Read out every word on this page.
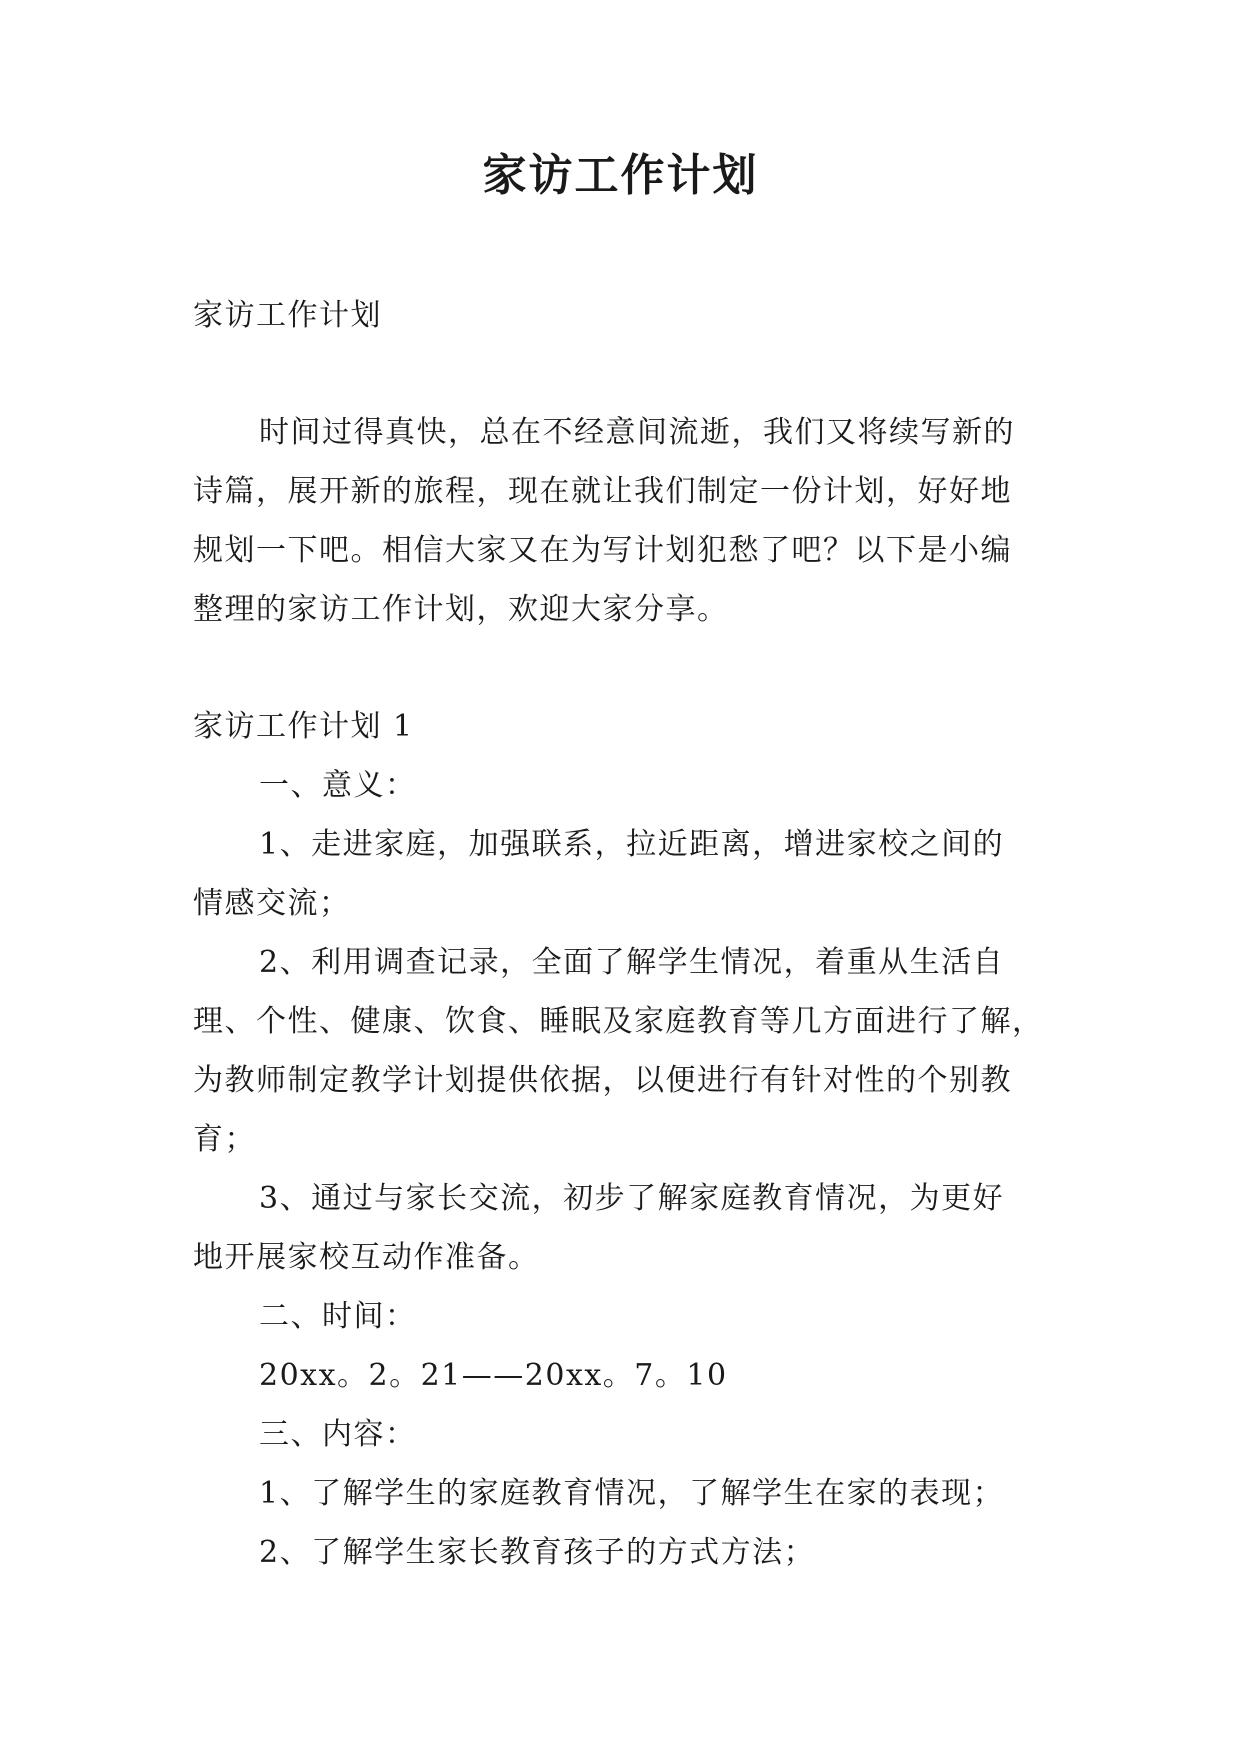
家访工作计划

家访工作计划

时间过得真快，总在不经意间流逝，我们又将续写新的

诗篇，展开新的旅程，现在就让我们制定一份计划，好好地

规划一下吧。相信大家又在为写计划犯愁了吧？以下是小编

整理的家访工作计划，欢迎大家分享。

家访工作计划 1

一、意义：

1、走进家庭，加强联系，拉近距离，增进家校之间的

情感交流；

2、利用调查记录，全面了解学生情况，着重从生活自

理、个性、健康、饮食、睡眠及家庭教育等几方面进行了解，

为教师制定教学计划提供依据，以便进行有针对性的个别教

育；

3、通过与家长交流，初步了解家庭教育情况，为更好

地开展家校互动作准备。

二、时间：

20xx。2。21——20xx。7。10

三、内容：

1、了解学生的家庭教育情况，了解学生在家的表现；

2、了解学生家长教育孩子的方式方法；
